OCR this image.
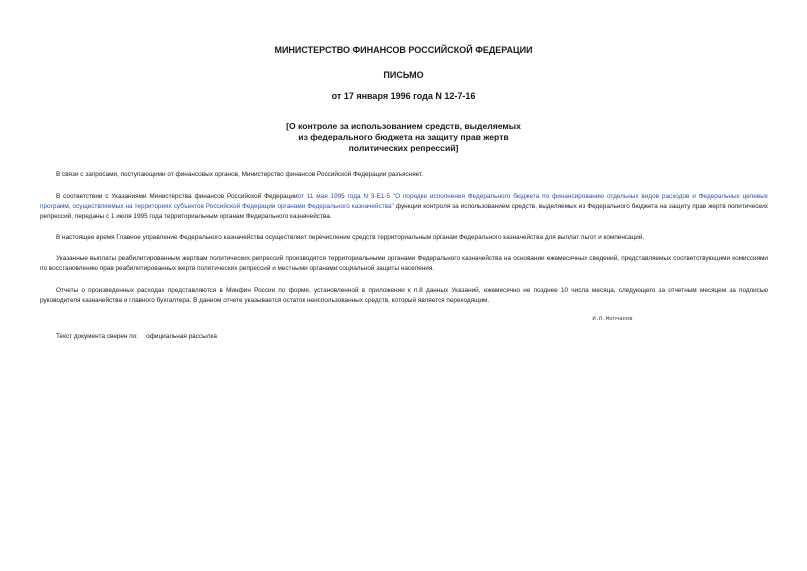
МИНИСТЕРСТВО ФИНАНСОВ РОССИЙСКОЙ ФЕДЕРАЦИИ
ПИСЬМО
от 17 января 1996 года N 12-7-16
[О контроле за использованием средств, выделяемых
из федерального бюджета на защиту прав жертв
политических репрессий]
В связи с запросами, поступающими от финансовых органов, Министерство финансов Российской Федерации разъясняет.
В соответствии с Указаниями Министерства финансов Российской Федерацииот 11 мая 1995 года N 3-Е1-5 "О порядке исполнения Федерального бюджета по финансированию отдельных видов расходов и Федеральных целевых программ, осуществляемых на территориях субъектов Российской Федерации органами Федерального казначейства" функции контроля за использованием средств, выделяемых из Федерального бюджета на защиту прав жертв политических репрессий, переданы с 1 июля 1995 года территориальным органам Федерального казначейства.
В настоящее время Главное управление Федерального казначейства осуществляет перечисление средств территориальным органам Федерального казначейства для выплат льгот и компенсаций.
Указанные выплаты реабилитированным жертвам политических репрессий производятся территориальными органами Федерального казначейства на основании ежемесячных сведений, представляемых соответствующими комиссиями по восстановлению прав реабилитированных жертв политических репрессий и местными органами социальной защиты населения.
Отчеты о произведенных расходах представляются в Минфин России по форме, установленной в приложении к п.8 данных Указаний, ежемесячно не позднее 10 числа месяца, следующего за отчетным месяцем за подписью руководителя казначейства и главного бухгалтера. В данном отчете указывается остаток неиспользованных средств, который является переходящим.
И.П.Молчанов
Текст документа сверен по: официальная рассылка
